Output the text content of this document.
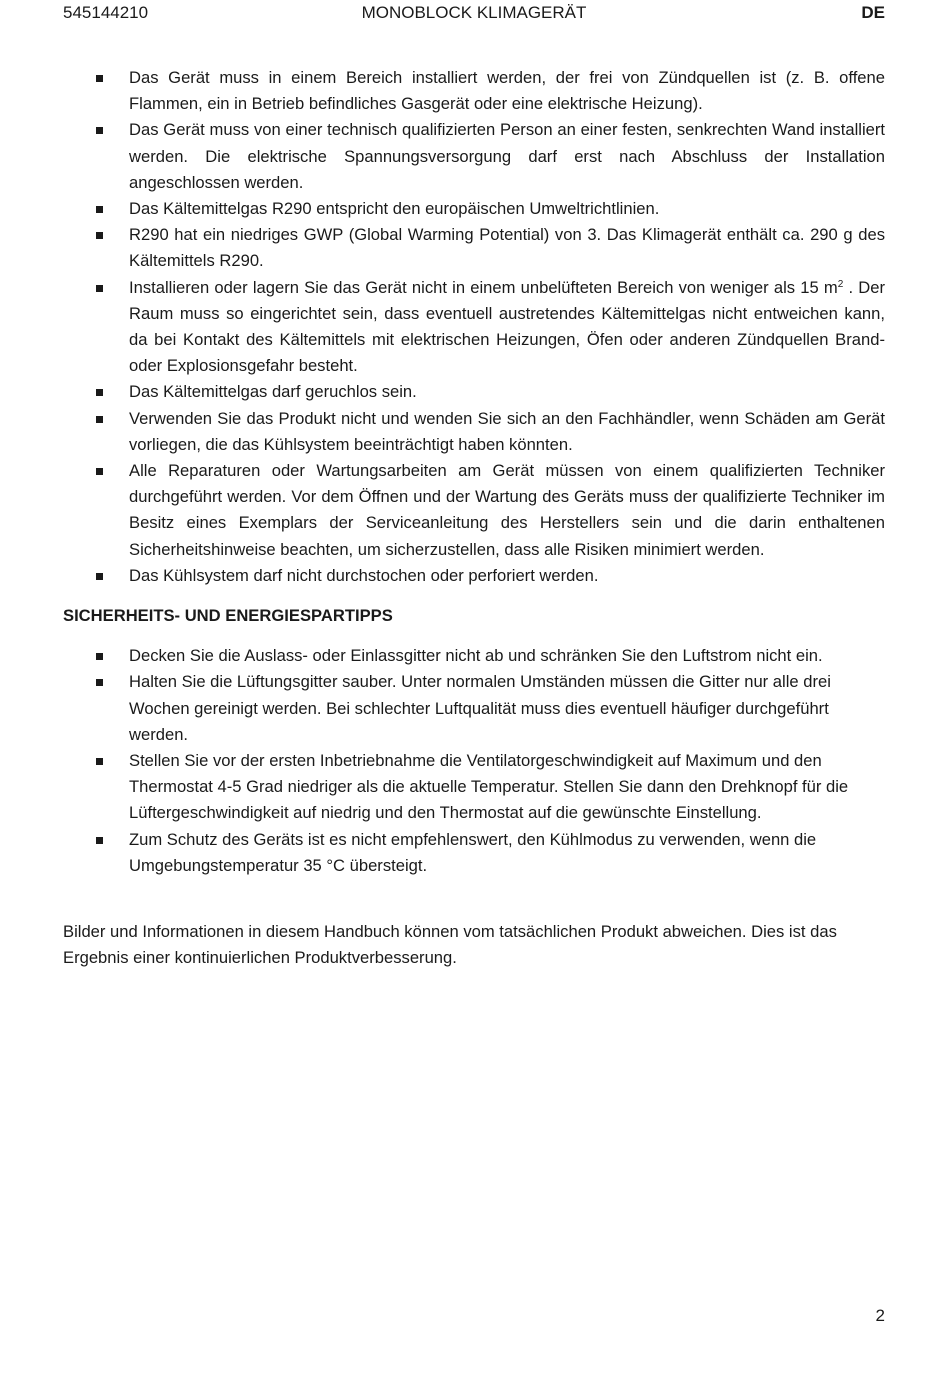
545144210	MONOBLOCK KLIMAGERÄT	DE
Das Gerät muss in einem Bereich installiert werden, der frei von Zündquellen ist (z. B. offene Flammen, ein in Betrieb befindliches Gasgerät oder eine elektrische Heizung).
Das Gerät muss von einer technisch qualifizierten Person an einer festen, senkrechten Wand installiert werden. Die elektrische Spannungsversorgung darf erst nach Abschluss der Installation angeschlossen werden.
Das Kältemittelgas R290 entspricht den europäischen Umweltrichtlinien.
R290 hat ein niedriges GWP (Global Warming Potential) von 3. Das Klimagerät enthält ca. 290 g des Kältemittels R290.
Installieren oder lagern Sie das Gerät nicht in einem unbelüfteten Bereich von weniger als 15 $m^2$ . Der Raum muss so eingerichtet sein, dass eventuell austretendes Kältemittelgas nicht entweichen kann, da bei Kontakt des Kältemittels mit elektrischen Heizungen, Öfen oder anderen Zündquellen Brand- oder Explosionsgefahr besteht.
Das Kältemittelgas darf geruchlos sein.
Verwenden Sie das Produkt nicht und wenden Sie sich an den Fachhändler, wenn Schäden am Gerät vorliegen, die das Kühlsystem beeinträchtigt haben könnten.
Alle Reparaturen oder Wartungsarbeiten am Gerät müssen von einem qualifizierten Techniker durchgeführt werden. Vor dem Öffnen und der Wartung des Geräts muss der qualifizierte Techniker im Besitz eines Exemplars der Serviceanleitung des Herstellers sein und die darin enthaltenen Sicherheitshinweise beachten, um sicherzustellen, dass alle Risiken minimiert werden.
Das Kühlsystem darf nicht durchstochen oder perforiert werden.
SICHERHEITS- UND ENERGIESPARTIPPS
Decken Sie die Auslass- oder Einlassgitter nicht ab und schränken Sie den Luftstrom nicht ein.
Halten Sie die Lüftungsgitter sauber. Unter normalen Umständen müssen die Gitter nur alle drei Wochen gereinigt werden. Bei schlechter Luftqualität muss dies eventuell häufiger durchgeführt werden.
Stellen Sie vor der ersten Inbetriebnahme die Ventilatorgeschwindigkeit auf Maximum und den Thermostat 4-5 Grad niedriger als die aktuelle Temperatur. Stellen Sie dann den Drehknopf für die Lüftergeschwindigkeit auf niedrig und den Thermostat auf die gewünschte Einstellung.
Zum Schutz des Geräts ist es nicht empfehlenswert, den Kühlmodus zu verwenden, wenn die Umgebungstemperatur 35 °C übersteigt.

Bilder und Informationen in diesem Handbuch können vom tatsächlichen Produkt abweichen. Dies ist das Ergebnis einer kontinuierlichen Produktverbesserung.

2
